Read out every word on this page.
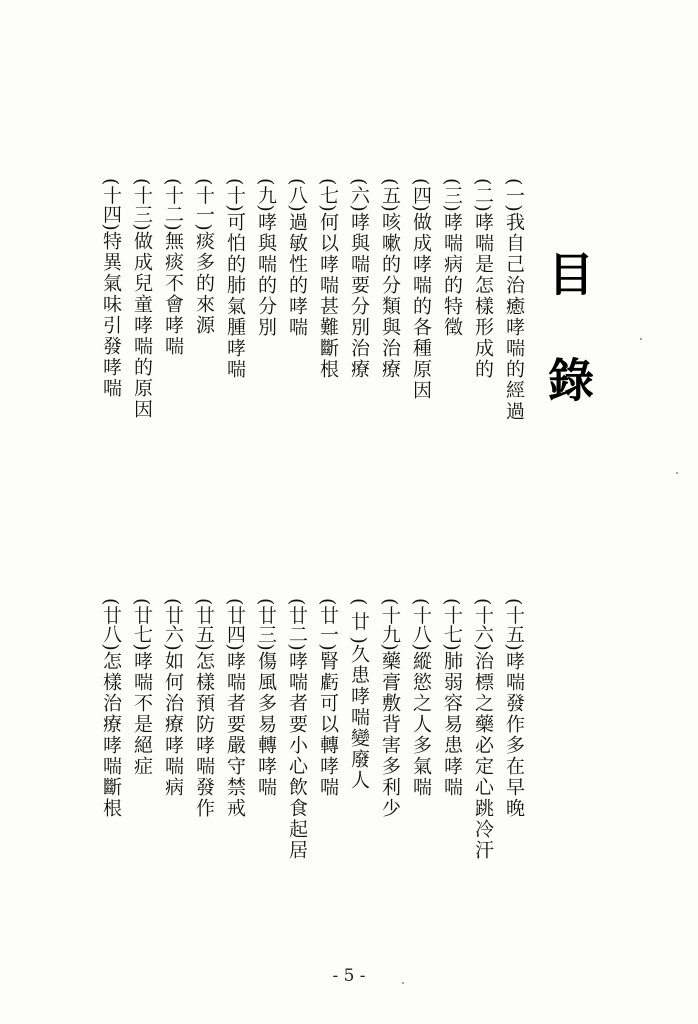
目錄
(一)我自己治癒哮喘的經過
(二)哮喘是怎樣形成的
(三)哮喘病的特徵
(四)做成哮喘的各種原因
(五)咳嗽的分類與治療
(六)哮與喘要分別治療
(七)何以哮喘甚難斷根
(八)過敏性的哮喘
(九)哮與喘的分別
(十)可怕的肺氣腫哮喘
(十一)痰多的來源
(十二)無痰不會哮喘
(十三)做成兒童哮喘的原因
(十四)特異氣味引發哮喘
(十五)哮喘發作多在早晚
(十六)治標之藥必定心跳冷汗
(十七)肺弱容易患哮喘
(十八)縱慾之人多氣喘
(十九)藥膏敷背害多利少
( 廿 )久患哮喘變廢人
(廿一)腎虧可以轉哮喘
(廿二)哮喘者要小心飲食起居
(廿三)傷風多易轉哮喘
(廿四)哮喘者要嚴守禁戒
(廿五)怎樣預防哮喘發作
(廿六)如何治療哮喘病
(廿七)哮喘不是絕症
(廿八)怎樣治療哮喘斷根
- 5 -
